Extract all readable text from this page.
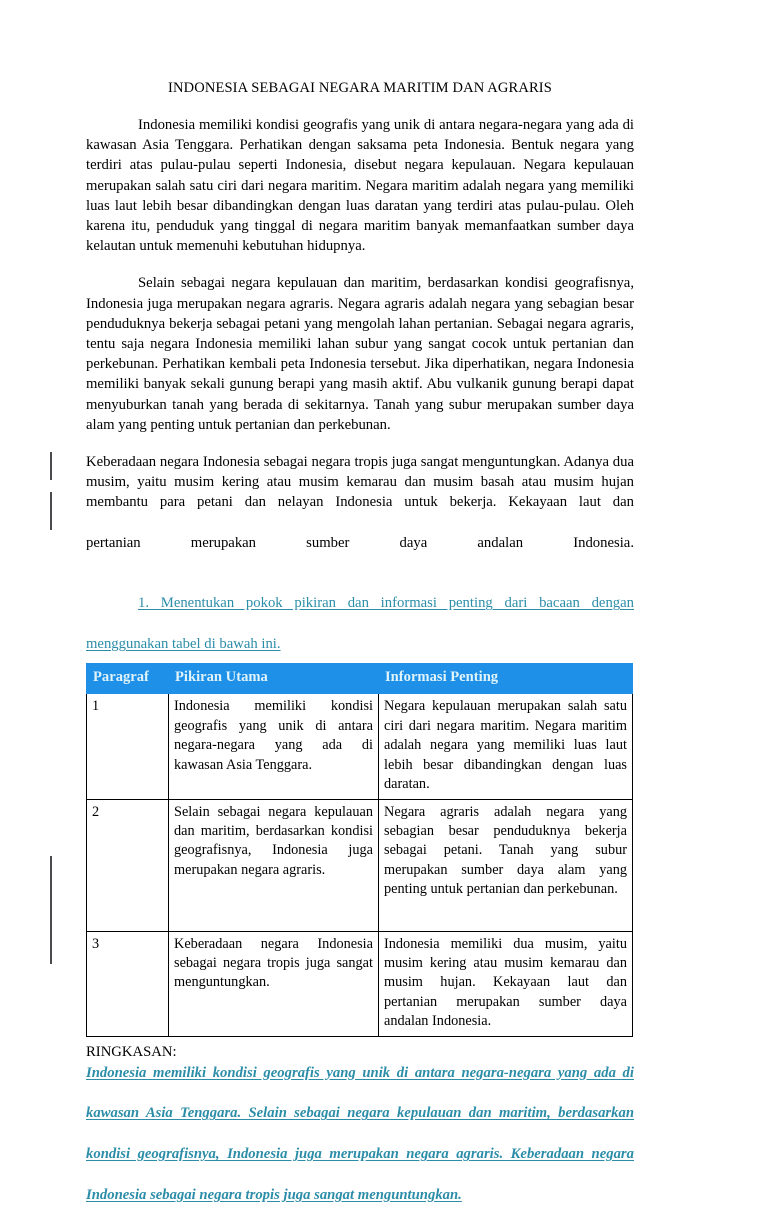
INDONESIA SEBAGAI NEGARA MARITIM DAN AGRARIS

Indonesia memiliki kondisi geografis yang unik di antara negara-negara yang ada di kawasan Asia Tenggara. Perhatikan dengan saksama peta Indonesia. Bentuk negara yang terdiri atas pulau-pulau seperti Indonesia, disebut negara kepulauan. Negara kepulauan merupakan salah satu ciri dari negara maritim. Negara maritim adalah negara yang memiliki luas laut lebih besar dibandingkan dengan luas daratan yang terdiri atas pulau-pulau. Oleh karena itu, penduduk yang tinggal di negara maritim banyak memanfaatkan sumber daya kelautan untuk memenuhi kebutuhan hidupnya.

Selain sebagai negara kepulauan dan maritim, berdasarkan kondisi geografisnya, Indonesia juga merupakan negara agraris. Negara agraris adalah negara yang sebagian besar penduduknya bekerja sebagai petani yang mengolah lahan pertanian. Sebagai negara agraris, tentu saja negara Indonesia memiliki lahan subur yang sangat cocok untuk pertanian dan perkebunan. Perhatikan kembali peta Indonesia tersebut. Jika diperhatikan, negara Indonesia memiliki banyak sekali gunung berapi yang masih aktif. Abu vulkanik gunung berapi dapat menyuburkan tanah yang berada di sekitarnya. Tanah yang subur merupakan sumber daya alam yang penting untuk pertanian dan perkebunan.

Keberadaan negara Indonesia sebagai negara tropis juga sangat menguntungkan. Adanya dua musim, yaitu musim kering atau musim kemarau dan musim basah atau musim hujan membantu para petani dan nelayan Indonesia untuk bekerja. Kekayaan laut dan
pertanian merupakan sumber daya andalan Indonesia.

1. Menentukan pokok pikiran dan informasi penting dari bacaan dengan
menggunakan tabel di bawah ini.

Paragraf	Pikiran Utama	Informasi Penting
1	Indonesia memiliki kondisi geografis yang unik di antara negara-negara yang ada di kawasan Asia Tenggara.	Negara kepulauan merupakan salah satu ciri dari negara maritim. Negara maritim adalah negara yang memiliki luas laut lebih besar dibandingkan dengan luas daratan.
2	Selain sebagai negara kepulauan dan maritim, berdasarkan kondisi geografisnya, Indonesia juga merupakan negara agraris.	Negara agraris adalah negara yang sebagian besar penduduknya bekerja sebagai petani. Tanah yang subur merupakan sumber daya alam yang penting untuk pertanian dan perkebunan.
3	Keberadaan negara Indonesia sebagai negara tropis juga sangat menguntungkan.	Indonesia memiliki dua musim, yaitu musim kering atau musim kemarau dan musim hujan. Kekayaan laut dan pertanian merupakan sumber daya andalan Indonesia.
RINGKASAN:

Indonesia memiliki kondisi geografis yang unik di antara negara-negara yang ada di
kawasan Asia Tenggara. Selain sebagai negara kepulauan dan maritim, berdasarkan
kondisi geografisnya, Indonesia juga merupakan negara agraris. Keberadaan negara
Indonesia sebagai negara tropis juga sangat menguntungkan.
